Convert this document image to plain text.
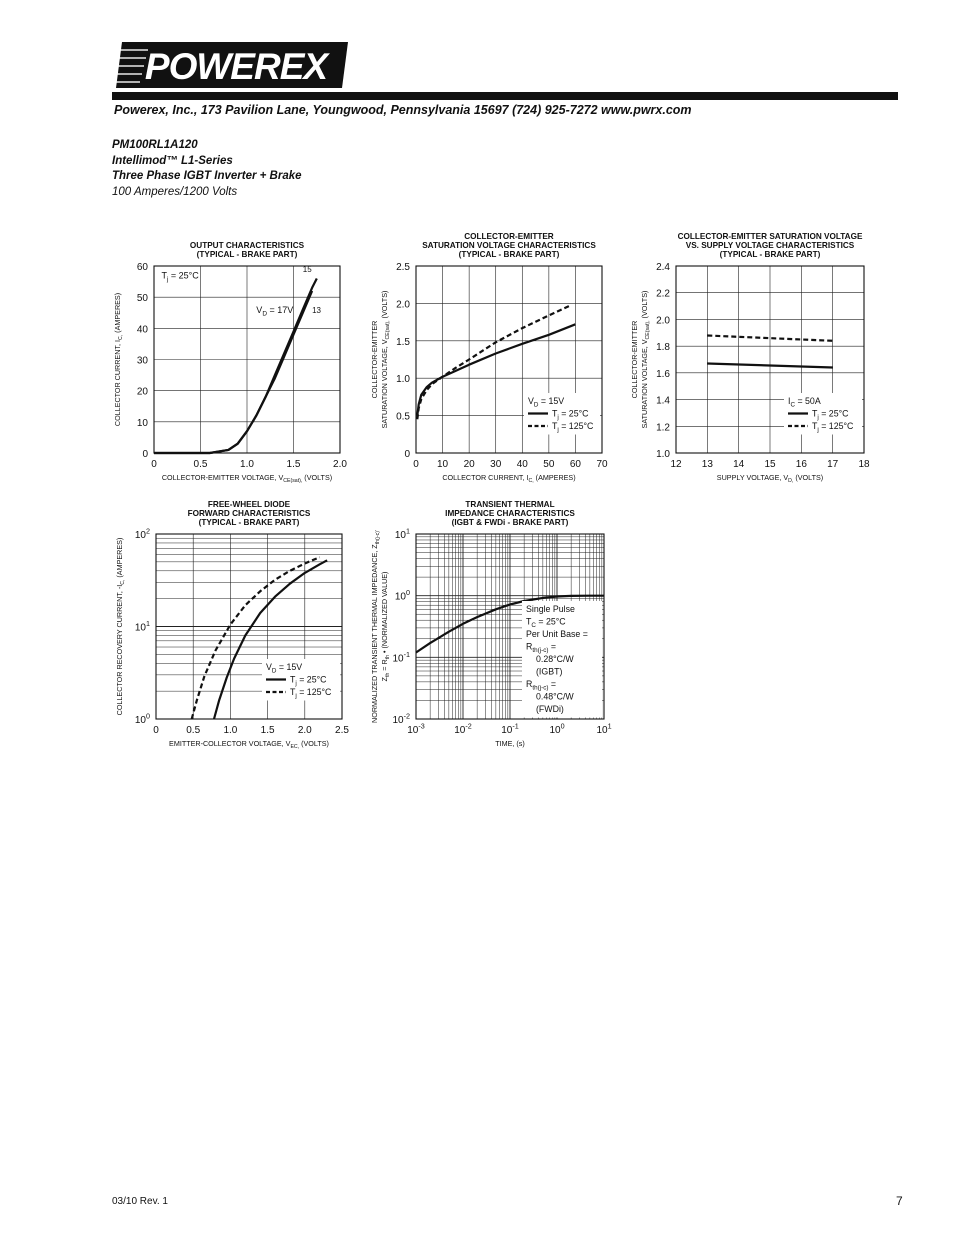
POWEREX
Powerex, Inc., 173 Pavilion Lane, Youngwood, Pennsylvania 15697 (724) 925-7272 www.pwrx.com
PM100RL1A120
Intellimod™ L1-Series
Three Phase IGBT Inverter + Brake
100 Amperes/1200 Volts
OUTPUT CHARACTERISTICS
(TYPICAL - BRAKE PART)
0	0.5	1.0	1.5	2.0
0
10
20
30
40
50
60
COLLECTOR-EMITTER VOLTAGE, $V_{CE(sat),}$ (VOLTS)
COLLECTOR CURRENT, $I_{C,}$ (AMPERES)
$T_j = 25^\circ C$
$V_D = 17V$
15
13
COLLECTOR-EMITTER
SATURATION VOLTAGE CHARACTERISTICS
(TYPICAL - BRAKE PART)
0 10 20 30 40 50 60 70
0
0.5
1.0
1.5
2.0
2.5
COLLECTOR CURRENT, $I_{C,}$ (AMPERES)
COLLECTOR-EMITTER SATURATION VOLTAGE, $V_{CE(sat),}$ (VOLTS)
$V_D = 15V$
$T_j = 25^\circ C$
$T_j = 125^\circ C$
COLLECTOR-EMITTER SATURATION VOLTAGE
VS. SUPPLY VOLTAGE CHARACTERISTICS
(TYPICAL - BRAKE PART)
12 13 14 15 16 17 18
1.0
1.2
1.4
1.6
1.8
2.0
2.2
2.4
SUPPLY VOLTAGE, $V_{D,}$ (VOLTS)
COLLECTOR-EMITTER SATURATION VOLTAGE, $V_{CE(sat),}$ (VOLTS)
$I_C = 50A$
$T_j = 25^\circ C$
$T_j = 125^\circ C$
FREE-WHEEL DIODE
FORWARD CHARACTERISTICS
(TYPICAL - BRAKE PART)
0	0.5 1.0 1.5 2.0 2.5
$10^0$
$10^1$
$10^2$
EMITTER-COLLECTOR VOLTAGE, $V_{EC,}$ (VOLTS)
COLLECTOR RECOVERY CURRENT, $-I_{C,}$ (AMPERES)
$V_D = 15V$
$T_j = 25^\circ C$
$T_j = 125^\circ C$
TRANSIENT THERMAL
IMPEDANCE CHARACTERISTICS
(IGBT & FWDi - BRAKE PART)
$10^{-3}$	$10^{-2}$	$10^{-1}$	$10^0$	$10^1$
$10^{-2}$
$10^{-1}$
$10^0$
$10^1$
TIME, (s)
NORMALIZED TRANSIENT THERMAL IMPEDANCE, $Z_{th(j-c)'}$
$Z_{th} = R_{th}$ • (NORMALIZED VALUE)	Single Pulse
$T_C = 25^\circ C$
Per Unit Base =
$R_{th(j-c)}$ =
0.28°C/W
(IGBT)
$R_{th(j-c)}$ =
0.48°C/W
(FWDi)
03/10 Rev. 1	7
